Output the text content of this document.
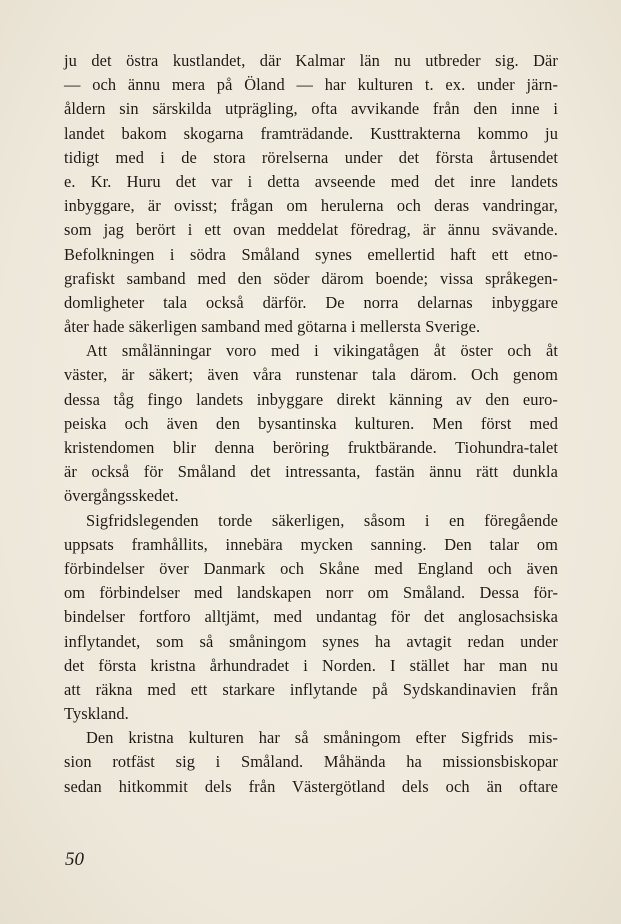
ju det östra kustlandet, där Kalmar län nu utbreder sig. Där
— och ännu mera på Öland — har kulturen t. ex. under järn-
åldern sin särskilda utprägling, ofta avvikande från den inne i
landet bakom skogarna framträdande. Kusttrakterna kommo ju
tidigt med i de stora rörelserna under det första årtusendet
e. Kr. Huru det var i detta avseende med det inre landets
inbyggare, är ovisst; frågan om herulerna och deras vandringar,
som jag berört i ett ovan meddelat föredrag, är ännu svävande.
Befolkningen i södra Småland synes emellertid haft ett etno-
grafiskt samband med den söder därom boende; vissa språkegen-
domligheter tala också därför. De norra delarnas inbyggare
åter hade säkerligen samband med götarna i mellersta Sverige.
Att smålänningar voro med i vikingatågen åt öster och åt
väster, är säkert; även våra runstenar tala därom. Och genom
dessa tåg fingo landets inbyggare direkt känning av den euro-
peiska och även den bysantinska kulturen. Men först med
kristendomen blir denna beröring fruktbärande. Tiohundra-talet
är också för Småland det intressanta, fastän ännu rätt dunkla
övergångsskedet.
Sigfridslegenden torde säkerligen, såsom i en föregående
uppsats framhållits, innebära mycken sanning. Den talar om
förbindelser över Danmark och Skåne med England och även
om förbindelser med landskapen norr om Småland. Dessa för-
bindelser fortforo alltjämt, med undantag för det anglosachsiska
inflytandet, som så småningom synes ha avtagit redan under
det första kristna århundradet i Norden. I stället har man nu
att räkna med ett starkare inflytande på Sydskandinavien från
Tyskland.
Den kristna kulturen har så småningom efter Sigfrids mis-
sion rotfäst sig i Småland. Måhända ha missionsbiskopar
sedan hitkommit dels från Västergötland dels och än oftare
50
